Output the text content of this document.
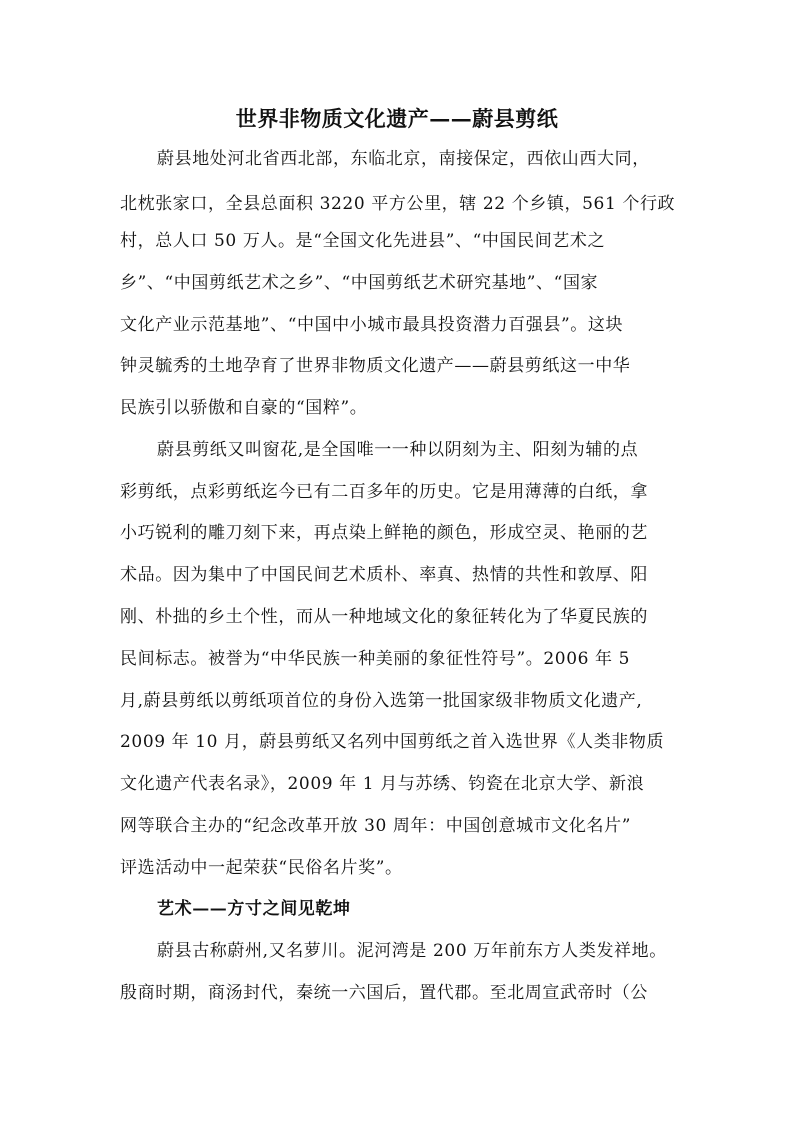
世界非物质文化遗产——蔚县剪纸
蔚县地处河北省西北部，东临北京，南接保定，西依山西大同，
北枕张家口，全县总面积 3220 平方公里，辖 22 个乡镇，561 个行政
村，总人口 50 万人。是“全国文化先进县”、“中国民间艺术之
乡”、“中国剪纸艺术之乡”、“中国剪纸艺术研究基地”、“国家
文化产业示范基地”、“中国中小城市最具投资潜力百强县”。这块
钟灵毓秀的土地孕育了世界非物质文化遗产——蔚县剪纸这一中华
民族引以骄傲和自豪的“国粹”。
蔚县剪纸又叫窗花,是全国唯一一种以阴刻为主、阳刻为辅的点
彩剪纸，点彩剪纸迄今已有二百多年的历史。它是用薄薄的白纸，拿
小巧锐利的雕刀刻下来，再点染上鲜艳的颜色，形成空灵、艳丽的艺
术品。因为集中了中国民间艺术质朴、率真、热情的共性和敦厚、阳
刚、朴拙的乡土个性，而从一种地域文化的象征转化为了华夏民族的
民间标志。被誉为“中华民族一种美丽的象征性符号”。2006 年 5
月,蔚县剪纸以剪纸项首位的身份入选第一批国家级非物质文化遗产,
2009 年 10 月，蔚县剪纸又名列中国剪纸之首入选世界《人类非物质
文化遗产代表名录》，2009 年 1 月与苏绣、钧瓷在北京大学、新浪
网等联合主办的“纪念改革开放 30 周年：中国创意城市文化名片”
评选活动中一起荣获“民俗名片奖”。
艺术——方寸之间见乾坤
蔚县古称蔚州,又名萝川。泥河湾是 200 万年前东方人类发祥地。
殷商时期，商汤封代，秦统一六国后，置代郡。至北周宣武帝时（公
